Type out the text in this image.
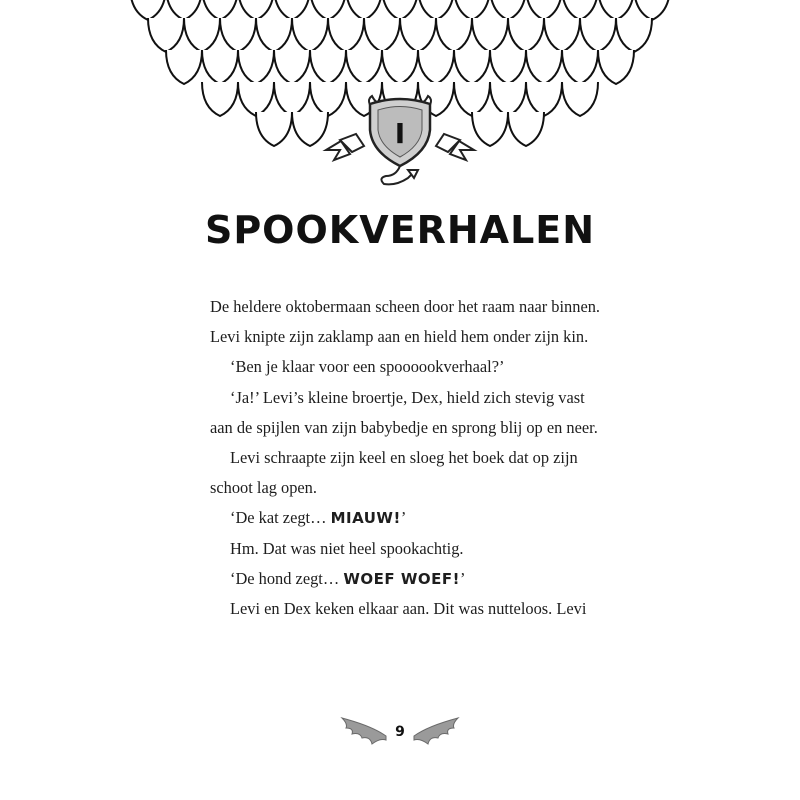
I
SPOOKVERHALEN
De heldere oktobermaan scheen door het raam naar binnen. Levi knipte zijn zaklamp aan en hield hem onder zijn kin.
‘Ben je klaar voor een spoooookverhaal?’
‘Ja!’ Levi’s kleine broertje, Dex, hield zich stevig vast aan de spijlen van zijn babybedje en sprong blij op en neer.
Levi schraapte zijn keel en sloeg het boek dat op zijn schoot lag open.
‘De kat zegt… MIAUW!’
Hm. Dat was niet heel spookachtig.
‘De hond zegt… WOEF WOEF!’
Levi en Dex keken elkaar aan. Dit was nutteloos. Levi
9
